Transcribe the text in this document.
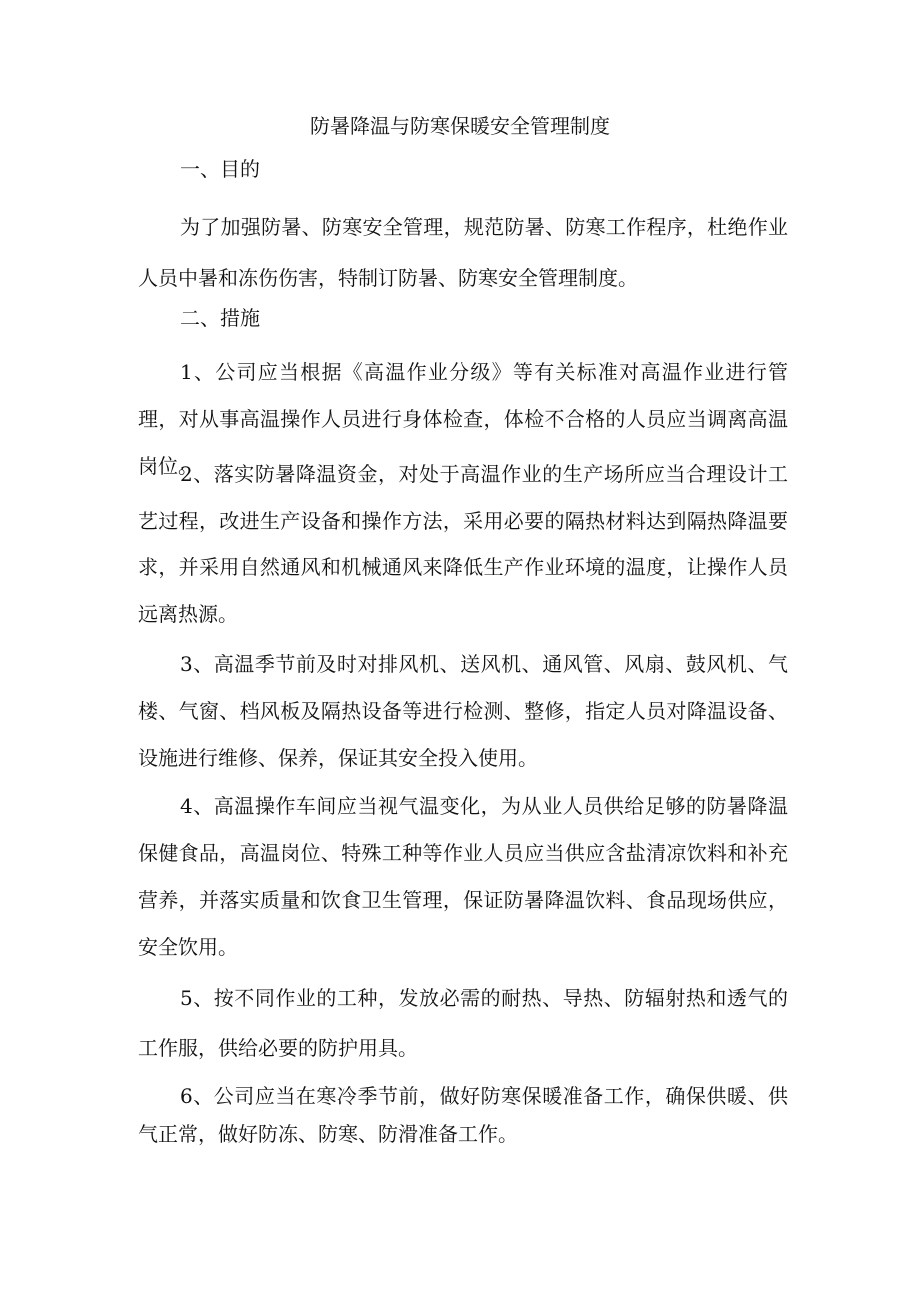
防暑降温与防寒保暖安全管理制度

一、目的

为了加强防暑、防寒安全管理，规范防暑、防寒工作程序，杜绝作业人员中暑和冻伤伤害，特制订防暑、防寒安全管理制度。

二、措施

1、公司应当根据《高温作业分级》等有关标准对高温作业进行管理，对从事高温操作人员进行身体检查，体检不合格的人员应当调离高温岗位。

2、落实防暑降温资金，对处于高温作业的生产场所应当合理设计工艺过程，改进生产设备和操作方法，采用必要的隔热材料达到隔热降温要求，并采用自然通风和机械通风来降低生产作业环境的温度，让操作人员远离热源。

3、高温季节前及时对排风机、送风机、通风管、风扇、鼓风机、气楼、气窗、档风板及隔热设备等进行检测、整修，指定人员对降温设备、设施进行维修、保养，保证其安全投入使用。

4、高温操作车间应当视气温变化，为从业人员供给足够的防暑降温保健食品，高温岗位、特殊工种等作业人员应当供应含盐清凉饮料和补充营养，并落实质量和饮食卫生管理，保证防暑降温饮料、食品现场供应，安全饮用。

5、按不同作业的工种，发放必需的耐热、导热、防辐射热和透气的工作服，供给必要的防护用具。

6、公司应当在寒冷季节前，做好防寒保暖准备工作，确保供暖、供气正常，做好防冻、防寒、防滑准备工作。
